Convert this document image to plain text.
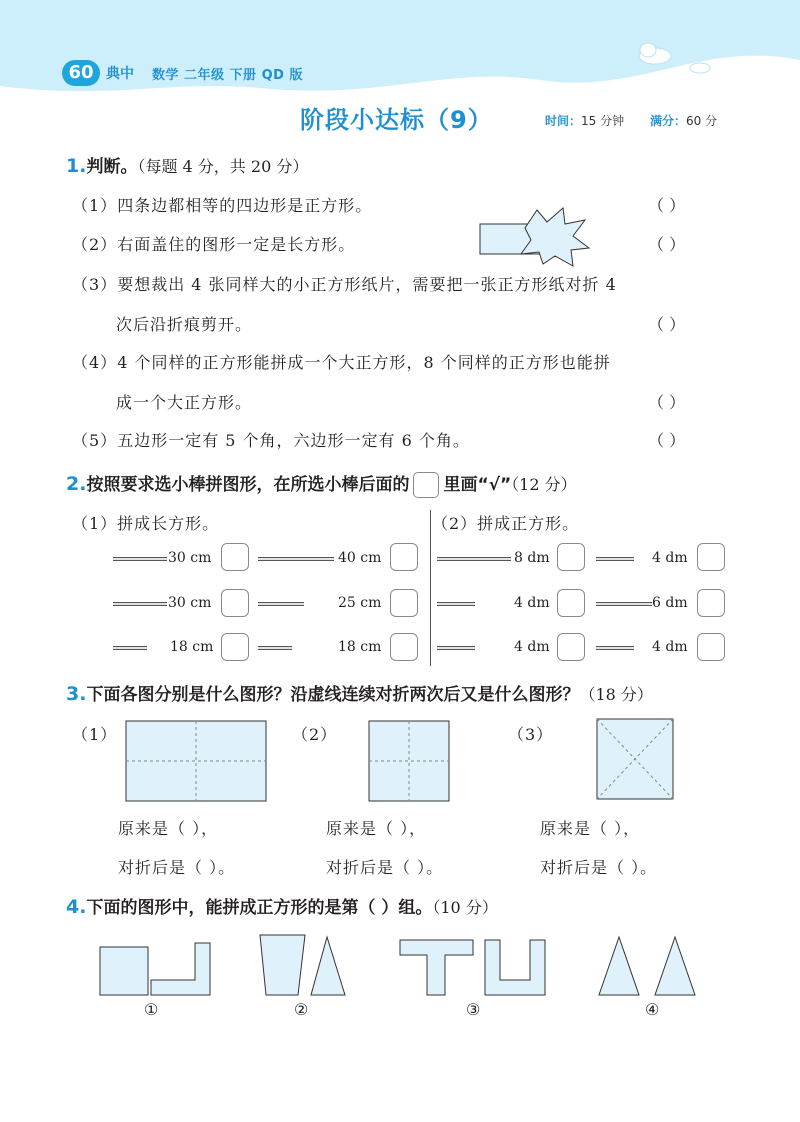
60 典中 数学 二年级 下册 QD 版
阶段小达标（9）	时间：15 分钟 满分：60 分
1.判断。（每题 4 分，共 20 分）
（1）四条边都相等的四边形是正方形。	（ ）
（2）右面盖住的图形一定是长方形。	（ ）
（3）要想裁出 4 张同样大的小正方形纸片，需要把一张正方形纸对折 4
次后沿折痕剪开。	（ ）
（4）4 个同样的正方形能拼成一个大正方形，8 个同样的正方形也能拼
成一个大正方形。	（ ）
（5）五边形一定有 5 个角，六边形一定有 6 个角。	（ ）
2.按照要求选小棒拼图形，在所选小棒后面的 里画“√”（12 分）
（1）拼成长方形。	（2）拼成正方形。
30 cm	40 cm
30 cm	25 cm
18 cm	18 cm
8 dm	4 dm
4 dm	6 dm
4 dm	4 dm
3.下面各图分别是什么图形？沿虚线连续对折两次后又是什么图形？（18 分）
（1）	（2）	（3）
原来是（ ），
对折后是（ ）。
原来是（ ），
对折后是（ ）。
原来是（ ），
对折后是（ ）。
4.下面的图形中，能拼成正方形的是第（ ）组。（10 分）
①	②	③	④
